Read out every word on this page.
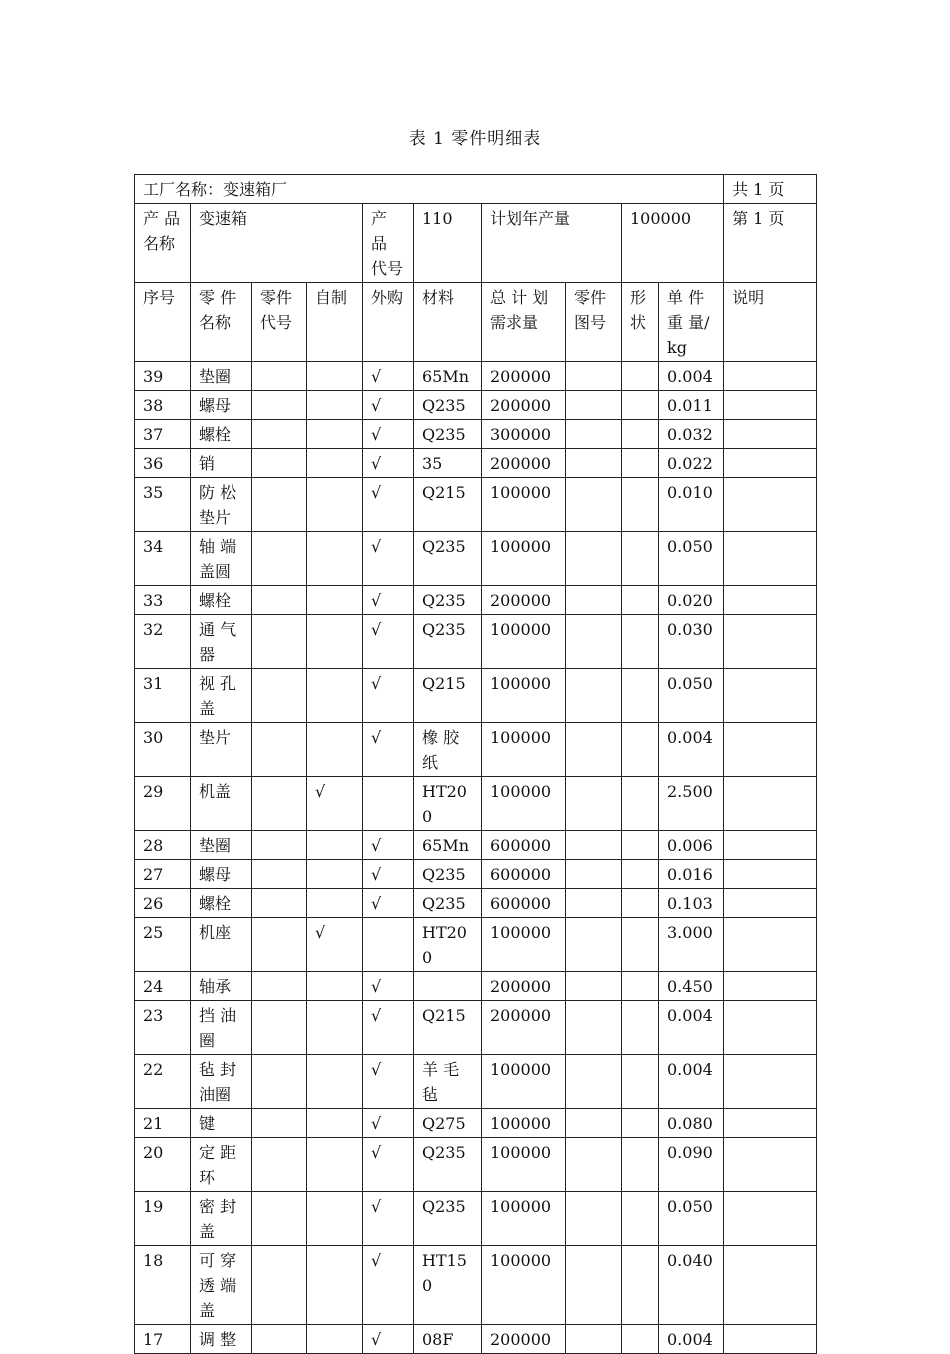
表 1 零件明细表
工厂名称：变速箱厂										共 1 页
产 品 名称	变速箱			产 品 代号	110	计划年产量		100000		第 1 页
序号	零 件 名称	零件代号	自制	外购	材料	总 计 划 需求量	零件图号	形状	单 件 重 量/kg	说明
39	垫圈			√	65Mn	200000			0.004	
38	螺母			√	Q235	200000			0.011	
37	螺栓			√	Q235	300000			0.032	
36	销			√	35	200000			0.022	
35	防 松 垫片			√	Q215	100000			0.010	
34	轴 端 盖圆			√	Q235	100000			0.050	
33	螺栓			√	Q235	200000			0.020	
32	通 气 器			√	Q235	100000			0.030	
31	视 孔 盖			√	Q215	100000			0.050	
30	垫片			√	橡 胶 纸	100000			0.004	
29	机盖		√		HT200	100000			2.500	
28	垫圈			√	65Mn	600000			0.006	
27	螺母			√	Q235	600000			0.016	
26	螺栓			√	Q235	600000			0.103	
25	机座		√		HT200	100000			3.000	
24	轴承			√		200000			0.450	
23	挡 油 圈			√	Q215	200000			0.004	
22	毡 封 油圈			√	羊 毛 毡	100000			0.004	
21	键			√	Q275	100000			0.080	
20	定 距 环			√	Q235	100000			0.090	
19	密 封 盖			√	Q235	100000			0.050	
18	可 穿 透 端 盖			√	HT150	100000			0.040	
17	调 整			√	08F	200000			0.004	
